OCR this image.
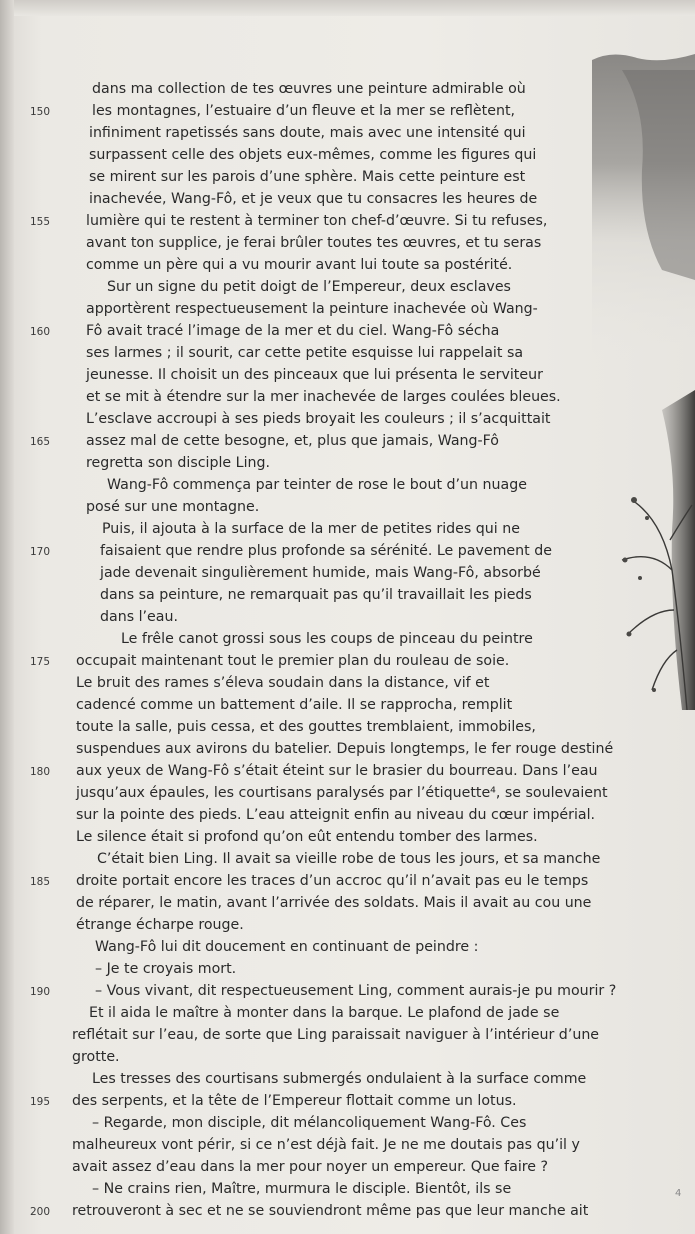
dans ma collection de tes œuvres une peinture admirable où
150	les montagnes, l’estuaire d’un fleuve et la mer se reflètent,
infiniment rapetissés sans doute, mais avec une intensité qui
surpassent celle des objets eux-mêmes, comme les figures qui
se mirent sur les parois d’une sphère. Mais cette peinture est
inachevée, Wang-Fô, et je veux que tu consacres les heures de
155	lumière qui te restent à terminer ton chef-d’œuvre. Si tu refuses,
avant ton supplice, je ferai brûler toutes tes œuvres, et tu seras
comme un père qui a vu mourir avant lui toute sa postérité.
Sur un signe du petit doigt de l’Empereur, deux esclaves
apportèrent respectueusement la peinture inachevée où Wang-
160	Fô avait tracé l’image de la mer et du ciel. Wang-Fô sécha
ses larmes ; il sourit, car cette petite esquisse lui rappelait sa
jeunesse. Il choisit un des pinceaux que lui présenta le serviteur
et se mit à étendre sur la mer inachevée de larges coulées bleues.
L’esclave accroupi à ses pieds broyait les couleurs ; il s’acquittait
165	assez mal de cette besogne, et, plus que jamais, Wang-Fô
regretta son disciple Ling.
Wang-Fô commença par teinter de rose le bout d’un nuage
posé sur une montagne.
Puis, il ajouta à la surface de la mer de petites rides qui ne
170	faisaient que rendre plus profonde sa sérénité. Le pavement de
jade devenait singulièrement humide, mais Wang-Fô, absorbé
dans sa peinture, ne remarquait pas qu’il travaillait les pieds
dans l’eau.
Le frêle canot grossi sous les coups de pinceau du peintre
175	occupait maintenant tout le premier plan du rouleau de soie.
Le bruit des rames s’éleva soudain dans la distance, vif et
cadencé comme un battement d’aile. Il se rapprocha, remplit
toute la salle, puis cessa, et des gouttes tremblaient, immobiles,
suspendues aux avirons du batelier. Depuis longtemps, le fer rouge destiné
180	aux yeux de Wang-Fô s’était éteint sur le brasier du bourreau. Dans l’eau
jusqu’aux épaules, les courtisans paralysés par l’étiquette⁴, se soulevaient
sur la pointe des pieds. L’eau atteignit enfin au niveau du cœur impérial.
Le silence était si profond qu’on eût entendu tomber des larmes.
C’était bien Ling. Il avait sa vieille robe de tous les jours, et sa manche
185	droite portait encore les traces d’un accroc qu’il n’avait pas eu le temps
de réparer, le matin, avant l’arrivée des soldats. Mais il avait au cou une
étrange écharpe rouge.
Wang-Fô lui dit doucement en continuant de peindre :
– Je te croyais mort.
190	– Vous vivant, dit respectueusement Ling, comment aurais-je pu mourir ?
Et il aida le maître à monter dans la barque. Le plafond de jade se
reflétait sur l’eau, de sorte que Ling paraissait naviguer à l’intérieur d’une
grotte.
Les tresses des courtisans submergés ondulaient à la surface comme
195	des serpents, et la tête de l’Empereur flottait comme un lotus.
– Regarde, mon disciple, dit mélancoliquement Wang-Fô. Ces
malheureux vont périr, si ce n’est déjà fait. Je ne me doutais pas qu’il y
avait assez d’eau dans la mer pour noyer un empereur. Que faire ?
– Ne crains rien, Maître, murmura le disciple. Bientôt, ils se
200	retrouveront à sec et ne se souviendront même pas que leur manche ait
4
